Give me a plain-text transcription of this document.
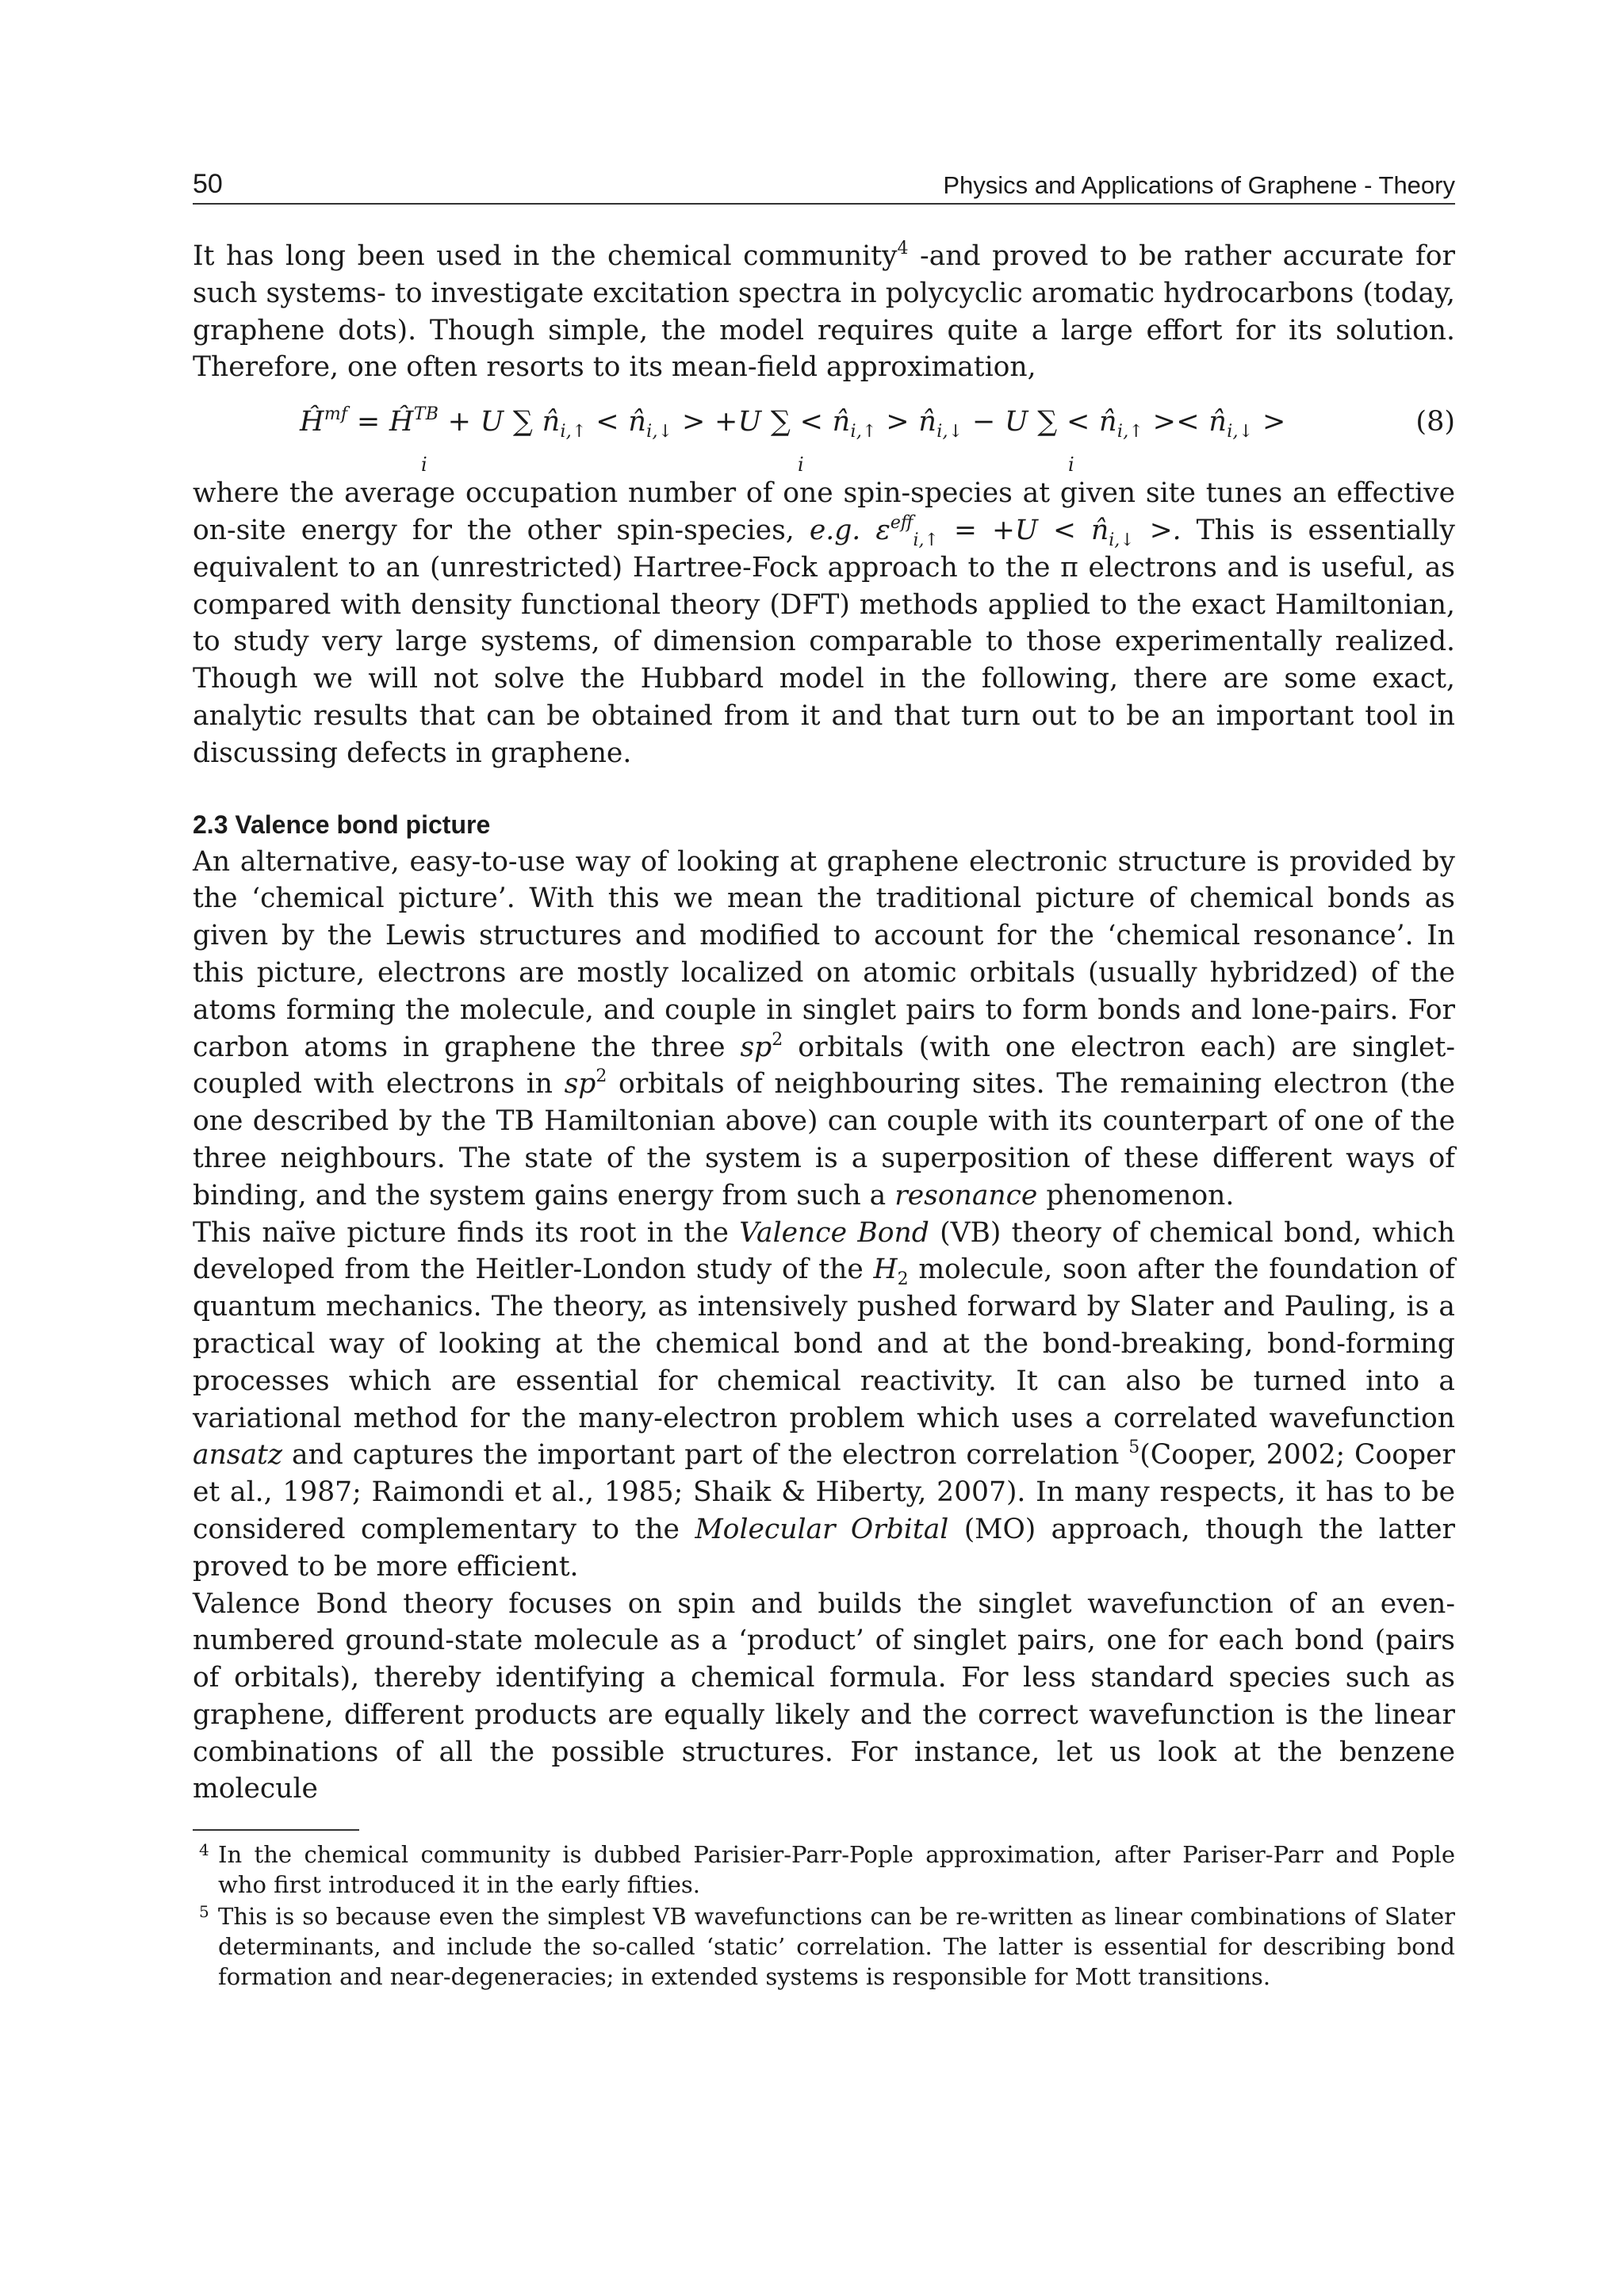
50	Physics and Applications of Graphene - Theory

It has long been used in the chemical community$^4$ -and proved to be rather accurate for such systems- to investigate excitation spectra in polycyclic aromatic hydrocarbons (today, graphene dots). Though simple, the model requires quite a large effort for its solution. Therefore, one often resorts to its mean-field approximation,

$Ĥ^{mf}$ = $Ĥ^{TB} + U$ ∑ $n̂_{i,↑}$ < $n̂_{i,↓} > +U$ ∑ < $n̂_{i,↑}$ > $n̂_{i,↓} - U$ ∑ < $n̂_{i,↑}$ >< $n̂_{i,↓}$ >
i	i	i
(8)

where the average occupation number of one spin-species at given site tunes an effective on-site energy for the other spin-species, e.g. $\varepsilon^{eff}_{i,↑} = +U$ < $n̂_{i,↓}$ >. This is essentially equivalent to an (unrestricted) Hartree-Fock approach to the π electrons and is useful, as compared with density functional theory (DFT) methods applied to the exact Hamiltonian, to study very large systems, of dimension comparable to those experimentally realized. Though we will not solve the Hubbard model in the following, there are some exact, analytic results that can be obtained from it and that turn out to be an important tool in discussing defects in graphene.

2.3 Valence bond picture

An alternative, easy-to-use way of looking at graphene electronic structure is provided by the ‘chemical picture’. With this we mean the traditional picture of chemical bonds as given by the Lewis structures and modified to account for the ‘chemical resonance’. In this picture, electrons are mostly localized on atomic orbitals (usually hybridzed) of the atoms forming the molecule, and couple in singlet pairs to form bonds and lone-pairs. For carbon atoms in graphene the three $sp^2$ orbitals (with one electron each) are singlet-coupled with electrons in $sp^2$ orbitals of neighbouring sites. The remaining electron (the one described by the TB Hamiltonian above) can couple with its counterpart of one of the three neighbours. The state of the system is a superposition of these different ways of binding, and the system gains energy from such a resonance phenomenon.

This naïve picture finds its root in the Valence Bond (VB) theory of chemical bond, which developed from the Heitler-London study of the $H_2$ molecule, soon after the foundation of quantum mechanics. The theory, as intensively pushed forward by Slater and Pauling, is a practical way of looking at the chemical bond and at the bond-breaking, bond-forming processes which are essential for chemical reactivity. It can also be turned into a variational method for the many-electron problem which uses a correlated wavefunction ansatz and captures the important part of the electron correlation $^5$(Cooper, 2002; Cooper et al., 1987; Raimondi et al., 1985; Shaik & Hiberty, 2007). In many respects, it has to be considered complementary to the Molecular Orbital (MO) approach, though the latter proved to be more efficient.

Valence Bond theory focuses on spin and builds the singlet wavefunction of an even-numbered ground-state molecule as a ‘product’ of singlet pairs, one for each bond (pairs of orbitals), thereby identifying a chemical formula. For less standard species such as graphene, different products are equally likely and the correct wavefunction is the linear combinations of all the possible structures. For instance, let us look at the benzene molecule

4 In the chemical community is dubbed Parisier-Parr-Pople approximation, after Pariser-Parr and Pople who first introduced it in the early fifties.

5 This is so because even the simplest VB wavefunctions can be re-written as linear combinations of Slater determinants, and include the so-called ‘static’ correlation. The latter is essential for describing bond formation and near-degeneracies; in extended systems is responsible for Mott transitions.
